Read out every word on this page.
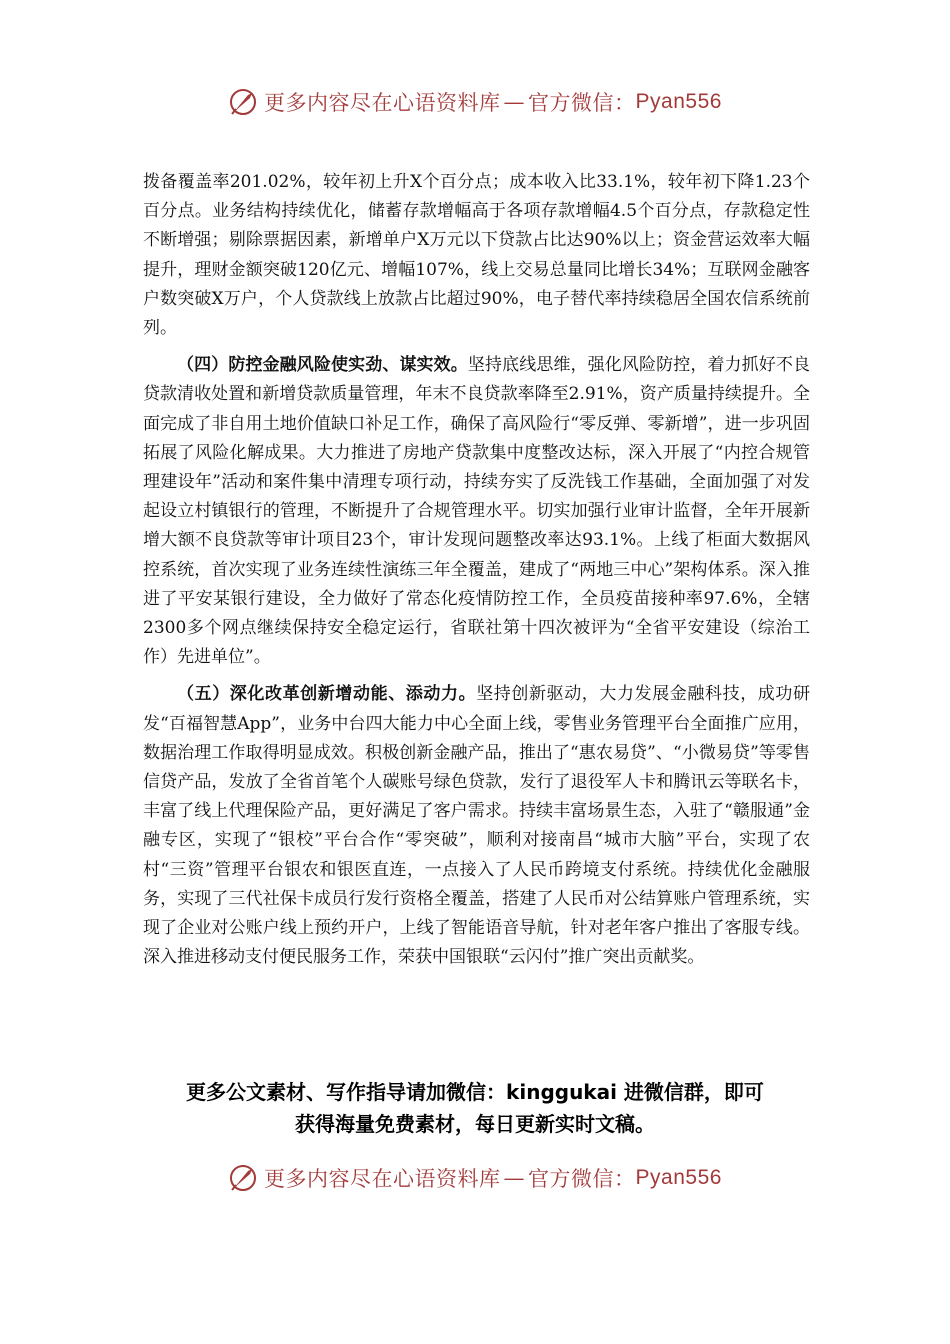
更多内容尽在心语资料库 — 官方微信： Pyan556

拨备覆盖率201.02%，较年初上升X个百分点；成本收入比33.1%，较年初下降1.23个百分点。业务结构持续优化，储蓄存款增幅高于各项存款增幅4.5个百分点，存款稳定性不断增强；剔除票据因素，新增单户X万元以下贷款占比达90%以上；资金营运效率大幅提升，理财金额突破120亿元、增幅107%，线上交易总量同比增长34%；互联网金融客户数突破X万户，个人贷款线上放款占比超过90%，电子替代率持续稳居全国农信系统前列。

（四）防控金融风险使实劲、谋实效。坚持底线思维，强化风险防控，着力抓好不良贷款清收处置和新增贷款质量管理，年末不良贷款率降至2.91%，资产质量持续提升。全面完成了非自用土地价值缺口补足工作，确保了高风险行“零反弹、零新增”，进一步巩固拓展了风险化解成果。大力推进了房地产贷款集中度整改达标，深入开展了“内控合规管理建设年”活动和案件集中清理专项行动，持续夯实了反洗钱工作基础，全面加强了对发起设立村镇银行的管理，不断提升了合规管理水平。切实加强行业审计监督，全年开展新增大额不良贷款等审计项目23个，审计发现问题整改率达93.1%。上线了柜面大数据风控系统，首次实现了业务连续性演练三年全覆盖，建成了“两地三中心”架构体系。深入推进了平安某银行建设，全力做好了常态化疫情防控工作，全员疫苗接种率97.6%，全辖2300多个网点继续保持安全稳定运行，省联社第十四次被评为“全省平安建设（综治工作）先进单位”。

（五）深化改革创新增动能、添动力。坚持创新驱动，大力发展金融科技，成功研发“百福智慧App”，业务中台四大能力中心全面上线，零售业务管理平台全面推广应用，数据治理工作取得明显成效。积极创新金融产品，推出了“惠农易贷”、“小微易贷”等零售信贷产品，发放了全省首笔个人碳账号绿色贷款，发行了退役军人卡和腾讯云等联名卡，丰富了线上代理保险产品，更好满足了客户需求。持续丰富场景生态，入驻了“赣服通”金融专区，实现了“银校”平台合作“零突破”，顺利对接南昌“城市大脑”平台，实现了农村“三资”管理平台银农和银医直连，一点接入了人民币跨境支付系统。持续优化金融服务，实现了三代社保卡成员行发行资格全覆盖，搭建了人民币对公结算账户管理系统，实现了企业对公账户线上预约开户，上线了智能语音导航，针对老年客户推出了客服专线。深入推进移动支付便民服务工作，荣获中国银联“云闪付”推广突出贡献奖。

更多公文素材、写作指导请加微信：kinggukai 进微信群，即可
获得海量免费素材，每日更新实时文稿。
更多内容尽在心语资料库 — 官方微信： Pyan556
